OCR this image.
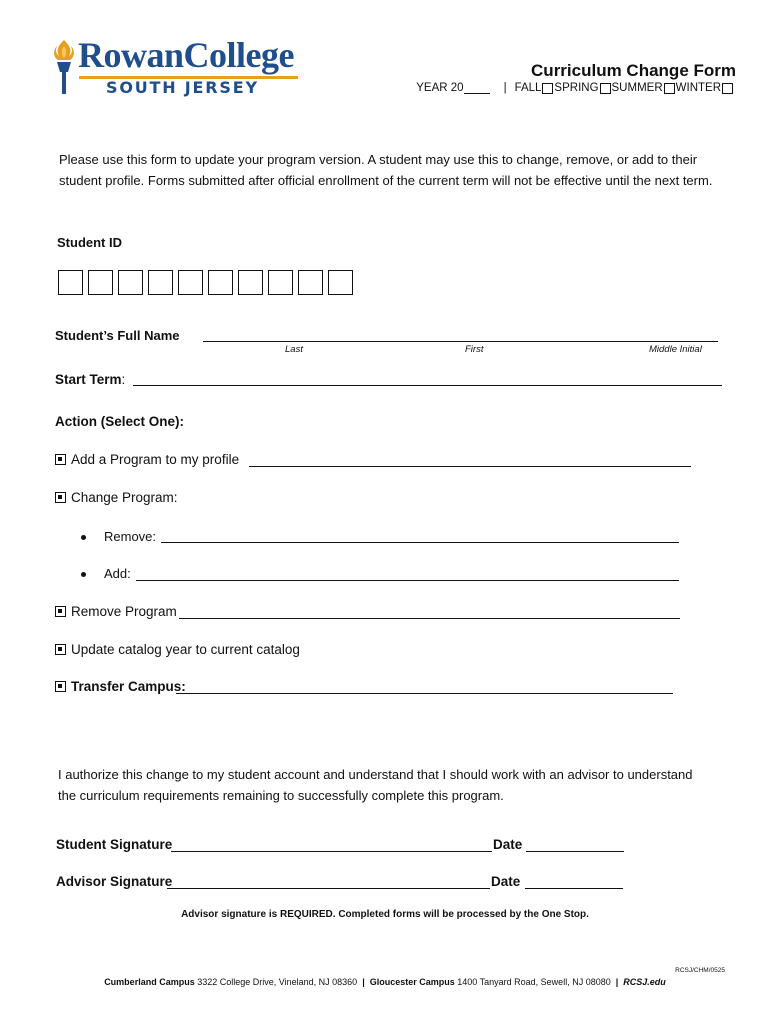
RowanCollege
SOUTH JERSEY
Curriculum Change Form
YEAR 20	| FALL SPRING SUMMER WINTER
Please use this form to update your program version. A student may use this to change, remove, or add to their student profile. Forms submitted after official enrollment of the current term will not be effective until the next term.
Student ID
Student’s Full Name
Last	First	Middle Initial
Start Term:
Action (Select One):
Add a Program to my profile
Change Program:
Remove:
Add:
Remove Program
Update catalog year to current catalog
Transfer Campus:
I authorize this change to my student account and understand that I should work with an advisor to understand the curriculum requirements remaining to successfully complete this program.
Student Signature	Date
Advisor Signature	Date
Advisor signature is REQUIRED. Completed forms will be processed by the One Stop.
RCSJ/CHM/0525
Cumberland Campus 3322 College Drive, Vineland, NJ 08360 | Gloucester Campus 1400 Tanyard Road, Sewell, NJ 08080 | RCSJ.edu
